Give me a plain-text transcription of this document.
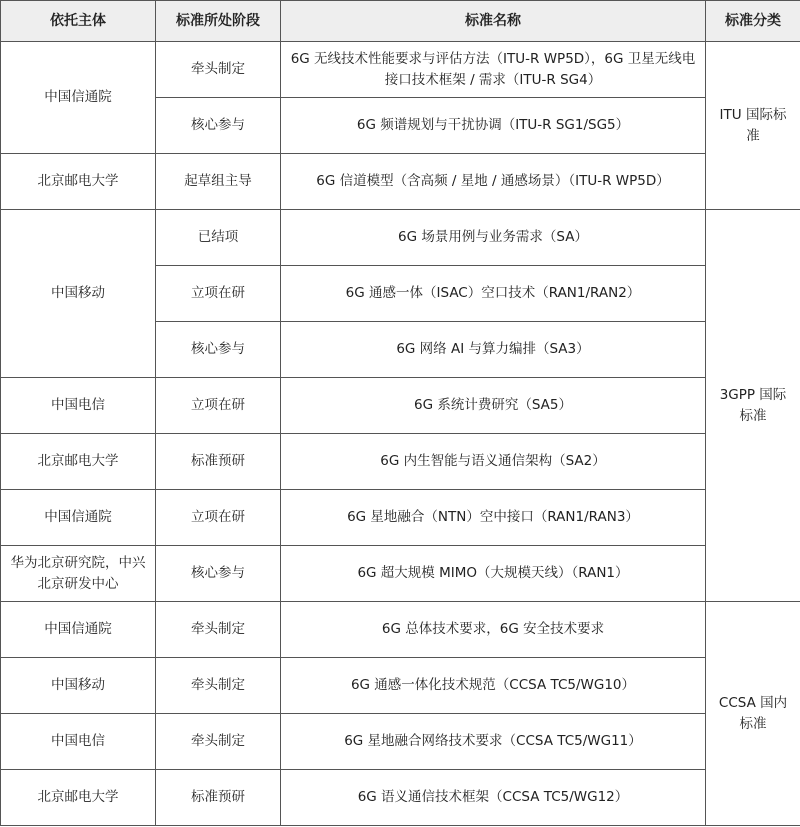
依托主体	标准所处阶段	标准名称	标准分类
中国信通院	牵头制定	6G 无线技术性能要求与评估方法（ITU-R WP5D），6G 卫星无线电接口技术框架 / 需求（ITU-R SG4）	ITU 国际标准
	核心参与	6G 频谱规划与干扰协调（ITU-R SG1/SG5）	
北京邮电大学	起草组主导	6G 信道模型（含高频 / 星地 / 通感场景）（ITU-R WP5D）	
中国移动	已结项	6G 场景用例与业务需求（SA）	3GPP 国际标准
	立项在研	6G 通感一体（ISAC）空口技术（RAN1/RAN2）	
	核心参与	6G 网络 AI 与算力编排（SA3）	
中国电信	立项在研	6G 系统计费研究（SA5）	
北京邮电大学	标准预研	6G 内生智能与语义通信架构（SA2）	
中国信通院	立项在研	6G 星地融合（NTN）空中接口（RAN1/RAN3）	
华为北京研究院，中兴北京研发中心	核心参与	6G 超大规模 MIMO（大规模天线）（RAN1）	
中国信通院	牵头制定	6G 总体技术要求，6G 安全技术要求	CCSA 国内标准
中国移动	牵头制定	6G 通感一体化技术规范（CCSA TC5/WG10）	
中国电信	牵头制定	6G 星地融合网络技术要求（CCSA TC5/WG11）	
北京邮电大学	标准预研	6G 语义通信技术框架（CCSA TC5/WG12）	
